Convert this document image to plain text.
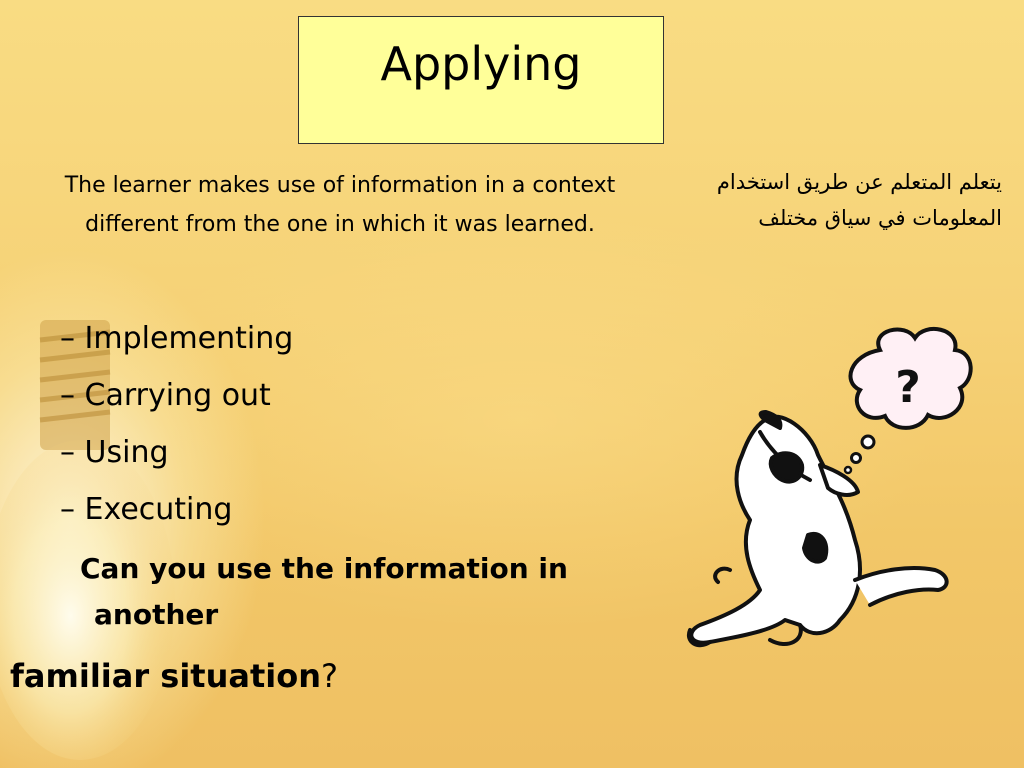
Applying
The learner makes use of information in a context
different from the one in which it was learned.
يتعلم المتعلم عن طريق استخدام
المعلومات في سياق مختلف
– Implementing
– Carrying out
– Using
– Executing
Can you use the information in
another
familiar situation?
?
